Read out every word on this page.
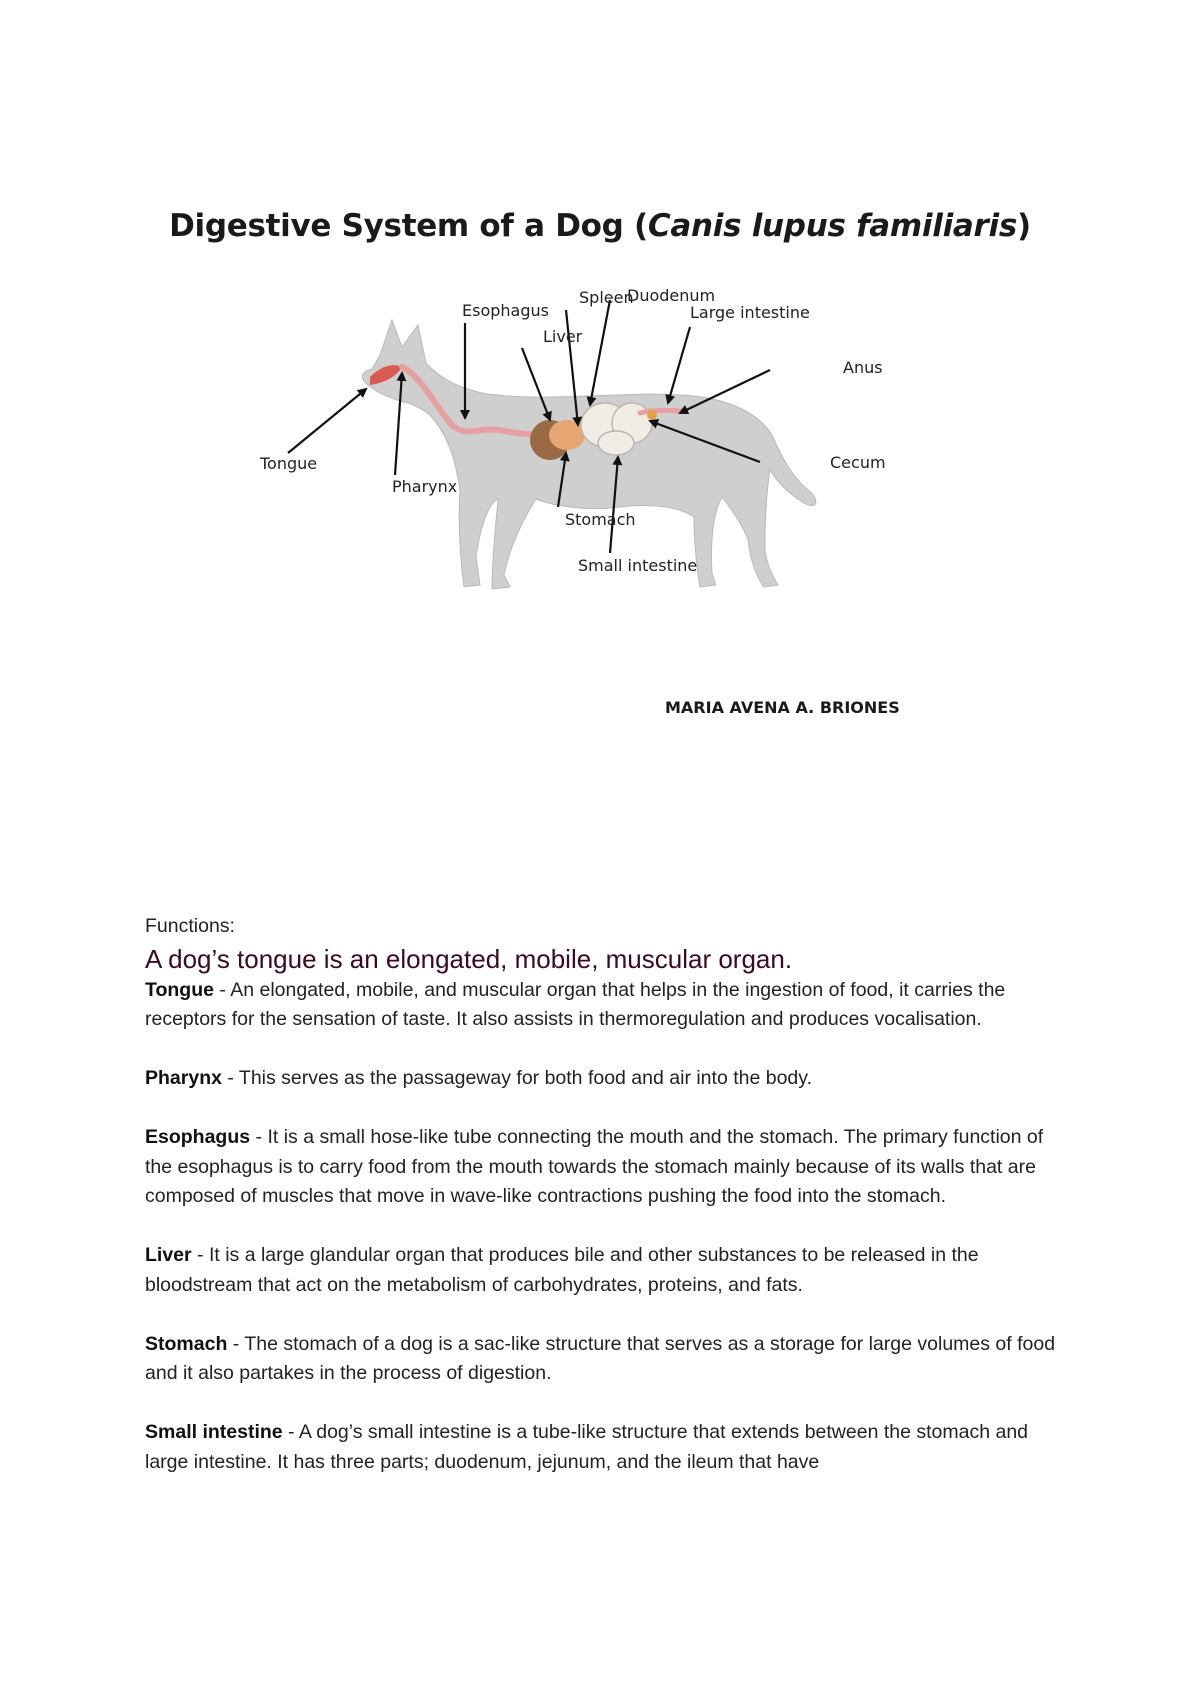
Digestive System of a Dog (Canis lupus familiaris)
Esophagus
Spleen
Duodenum
Large intestine
Liver
Anus
Tongue
Pharynx
Cecum
Stomach
Small intestine
MARIA AVENA A. BRIONES
Functions:
A dog’s tongue is an elongated, mobile, muscular organ.

Tongue - An elongated, mobile, and muscular organ that helps in the ingestion of food, it carries the receptors for the sensation of taste. It also assists in thermoregulation and produces vocalisation.

Pharynx - This serves as the passageway for both food and air into the body.

Esophagus - It is a small hose-like tube connecting the mouth and the stomach. The primary function of the esophagus is to carry food from the mouth towards the stomach mainly because of its walls that are composed of muscles that move in wave-like contractions pushing the food into the stomach.

Liver - It is a large glandular organ that produces bile and other substances to be released in the bloodstream that act on the metabolism of carbohydrates, proteins, and fats.

Stomach - The stomach of a dog is a sac-like structure that serves as a storage for large volumes of food and it also partakes in the process of digestion.

Small intestine - A dog’s small intestine is a tube-like structure that extends between the stomach and large intestine. It has three parts; duodenum, jejunum, and the ileum that have
